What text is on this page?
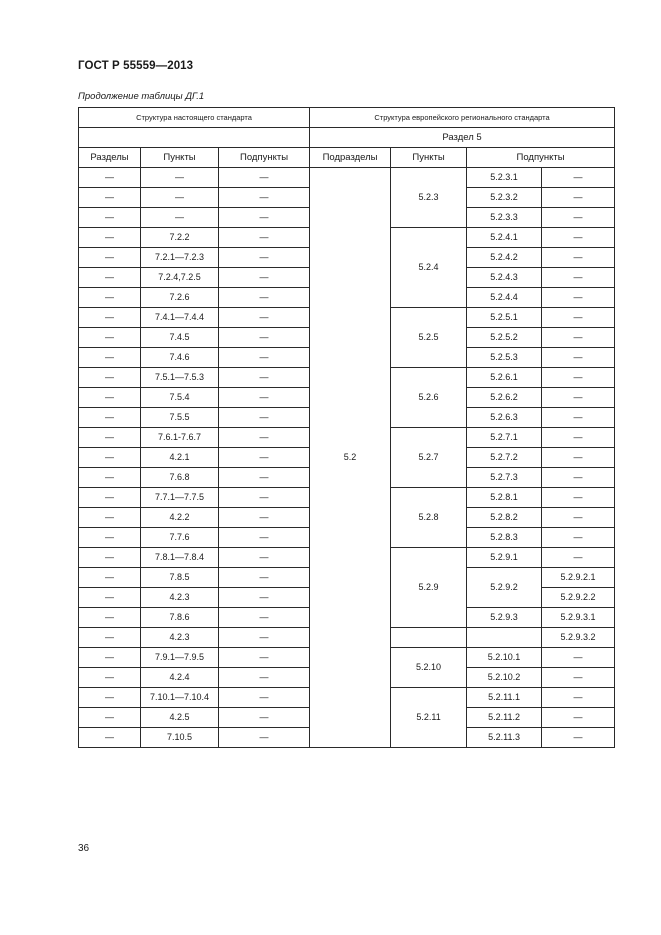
ГОСТ Р 55559—2013
Продолжение таблицы ДГ.1
Структура настоящего стандарта			Структура европейского регионального стандарта			
			Раздел 5			
Разделы	Пункты	Подпункты	Подразделы	Пункты	Подпункты	
—	—	—	5.2	5.2.3	5.2.3.1	—
—	—	—			5.2.3.2	—
—	—	—			5.2.3.3	—
—	7.2.2	—		5.2.4	5.2.4.1	—
—	7.2.1—7.2.3	—			5.2.4.2	—
—	7.2.4,7.2.5	—			5.2.4.3	—
—	7.2.6	—			5.2.4.4	—
—	7.4.1—7.4.4	—		5.2.5	5.2.5.1	—
—	7.4.5	—			5.2.5.2	—
—	7.4.6	—			5.2.5.3	—
—	7.5.1—7.5.3	—		5.2.6	5.2.6.1	—
—	7.5.4	—			5.2.6.2	—
—	7.5.5	—			5.2.6.3	—
—	7.6.1-7.6.7	—		5.2.7	5.2.7.1	—
—	4.2.1	—			5.2.7.2	—
—	7.6.8	—			5.2.7.3	—
—	7.7.1—7.7.5	—		5.2.8	5.2.8.1	—
—	4.2.2	—			5.2.8.2	—
—	7.7.6	—			5.2.8.3	—
—	7.8.1—7.8.4	—		5.2.9	5.2.9.1	—
—	7.8.5	—			5.2.9.2	5.2.9.2.1
—	4.2.3	—				5.2.9.2.2
—	7.8.6	—			5.2.9.3	5.2.9.3.1
—	4.2.3	—				5.2.9.3.2
—	7.9.1—7.9.5	—		5.2.10	5.2.10.1	—
—	4.2.4	—			5.2.10.2	—
—	7.10.1—7.10.4	—		5.2.11	5.2.11.1	—
—	4.2.5	—			5.2.11.2	—
—	7.10.5	—			5.2.11.3	—
36
